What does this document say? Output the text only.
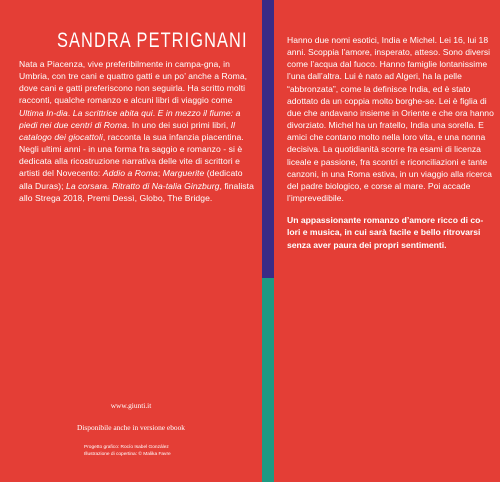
SANDRA PETRIGNANI

Nata a Piacenza, vive preferibilmente in campa-gna, in Umbria, con tre cani e quattro gatti e un po’ anche a Roma, dove cani e gatti preferiscono non seguirla. Ha scritto molti racconti, qualche romanzo e alcuni libri di viaggio come Ultima In-dia. La scrittrice abita qui. E in mezzo il fiume: a piedi nei due centri di Roma. In uno dei suoi primi libri, Il catalogo dei giocattoli, racconta la sua infanzia piacentina. Negli ultimi anni - in una forma fra saggio e romanzo - si è dedicata alla ricostruzione narrativa delle vite di scrittori e artisti del Novecento: Addio a Roma; Marguerite (dedicato alla Duras); La corsara. Ritratto di Na-talia Ginzburg, finalista allo Strega 2018, Premi Dessì, Globo, The Bridge.

www.giunti.it
Disponibile anche in versione ebook
Progetto grafico: Rocío Isabel González
Illustrazione di copertina: © Malika Favre

Hanno due nomi esotici, India e Michel. Lei 16, lui 18 anni. Scoppia l’amore, insperato, atteso. Sono diversi come l’acqua dal fuoco. Hanno famiglie lontanissime l’una dall’altra. Lui è nato ad Algeri, ha la pelle “abbronzata”, come la definisce India, ed è stato adottato da un coppia molto borghe-se. Lei è figlia di due che andavano insieme in Oriente e che ora hanno divorziato. Michel ha un fratello, India una sorella. E amici che contano molto nella loro vita, e una nonna decisiva. La quotidianità scorre fra esami di licenza liceale e passione, fra scontri e riconciliazioni e tante canzoni, in una Roma estiva, in un viaggio alla ricerca del padre biologico, e corse al mare. Poi accade l’imprevedibile.

Un appassionante romanzo d’amore ricco di co-lori e musica, in cui sarà facile e bello ritrovarsi senza aver paura dei propri sentimenti.
